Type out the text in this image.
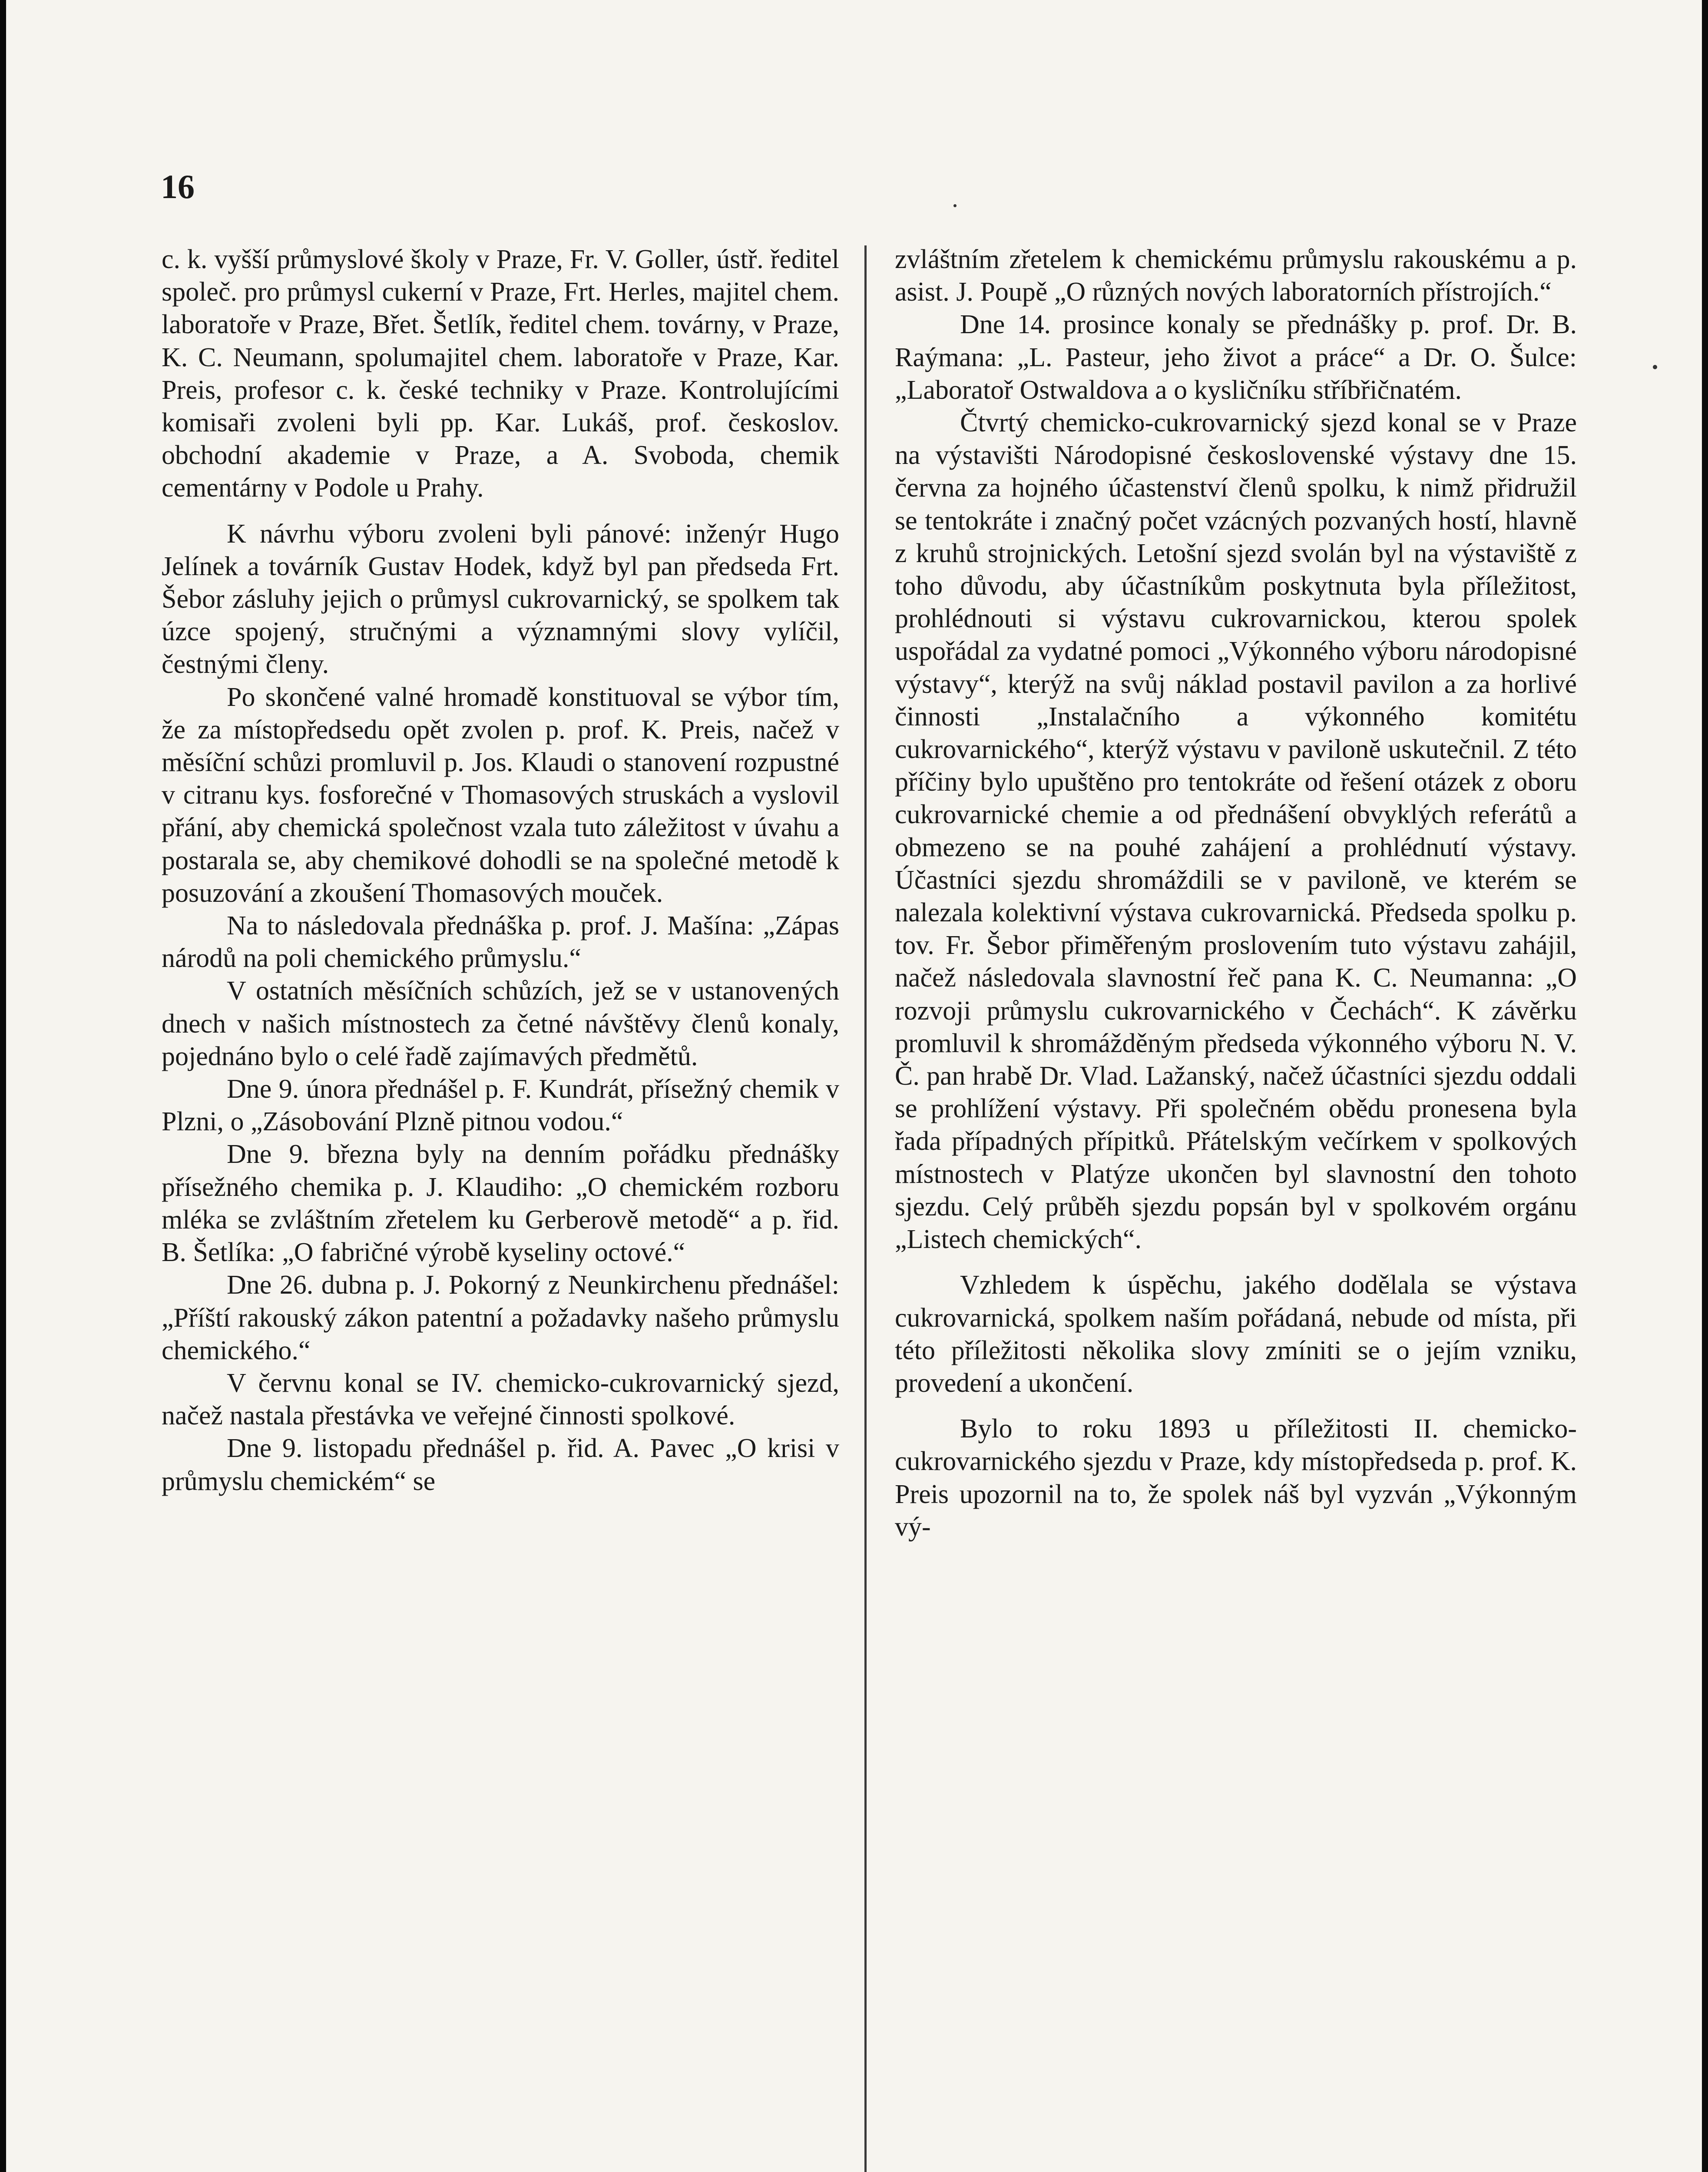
16

c. k. vyšší průmyslové školy v Praze, Fr. V. Goller, ústř. ředitel společ. pro průmysl cukerní v Praze, Frt. Herles, majitel chem. laboratoře v Praze, Břet. Šetlík, ředitel chem. továrny, v Praze, K. C. Neumann, spolumajitel chem. laboratoře v Praze, Kar. Preis, profesor c. k. české techniky v Praze. Kontrolujícími komisaři zvoleni byli pp. Kar. Lukáš, prof. českoslov. obchodní akademie v Praze, a A. Svoboda, chemik cementárny v Podole u Prahy.

K návrhu výboru zvoleni byli pánové: inženýr Hugo Jelínek a továrník Gustav Hodek, když byl pan předseda Frt. Šebor zásluhy jejich o průmysl cukrovarnický, se spolkem tak úzce spojený, stručnými a významnými slovy vylíčil, čestnými členy.

Po skončené valné hromadě konstituoval se výbor tím, že za místopředsedu opět zvolen p. prof. K. Preis, načež v měsíční schůzi promluvil p. Jos. Klaudi o stanovení rozpustné v citranu kys. fosforečné v Thomasových struskách a vyslovil přání, aby chemická společnost vzala tuto záležitost v úvahu a postarala se, aby chemikové dohodli se na společné metodě k posuzování a zkoušení Thomasových mouček.

Na to následovala přednáška p. prof. J. Mašína: „Zápas národů na poli chemického průmyslu.“

V ostatních měsíčních schůzích, jež se v ustanovených dnech v našich místnostech za četné návštěvy členů konaly, pojednáno bylo o celé řadě zajímavých předmětů.

Dne 9. února přednášel p. F. Kundrát, přísežný chemik v Plzni, o „Zásobování Plzně pitnou vodou.“

Dne 9. března byly na denním pořádku přednášky přísežného chemika p. J. Klaudiho: „O chemickém rozboru mléka se zvláštním zřetelem ku Gerberově metodě“ a p. řid. B. Šetlíka: „O fabričné výrobě kyseliny octové.“

Dne 26. dubna p. J. Pokorný z Neunkirchenu přednášel: „Příští rakouský zákon patentní a požadavky našeho průmyslu chemického.“

V červnu konal se IV. chemicko-cukrovarnický sjezd, načež nastala přestávka ve veřejné činnosti spolkové.

Dne 9. listopadu přednášel p. řid. A. Pavec „O krisi v průmyslu chemickém“ se

zvláštním zřetelem k chemickému průmyslu rakouskému a p. asist. J. Poupě „O různých nových laboratorních přístrojích.“

Dne 14. prosince konaly se přednášky p. prof. Dr. B. Raýmana: „L. Pasteur, jeho život a práce“ a Dr. O. Šulce: „Laboratoř Ostwaldova a o kysličníku stříbřičnatém.

Čtvrtý chemicko-cukrovarnický sjezd konal se v Praze na výstavišti Národopisné československé výstavy dne 15. června za hojného účastenství členů spolku, k nimž přidružil se tentokráte i značný počet vzácných pozvaných hostí, hlavně z kruhů strojnických. Letošní sjezd svolán byl na výstaviště z toho důvodu, aby účastníkům poskytnuta byla příležitost, prohlédnouti si výstavu cukrovarnickou, kterou spolek uspořádal za vydatné pomoci „Výkonného výboru národopisné výstavy“, kterýž na svůj náklad postavil pavilon a za horlivé činnosti „Instalačního a výkonného komitétu cukrovarnického“, kterýž výstavu v pavilonĕ uskutečnil. Z této příčiny bylo upuštěno pro tentokráte od řešení otázek z oboru cukrovarnické chemie a od přednášení obvyklých referátů a obmezeno se na pouhé zahájení a prohlédnutí výstavy. Účastníci sjezdu shromáždili se v pavilonĕ, ve kterém se nalezala kolektivní výstava cukrovarnická. Předseda spolku p. tov. Fr. Šebor přiměřeným proslovením tuto výstavu zahájil, načež následovala slavnostní řeč pana K. C. Neumanna: „O rozvoji průmyslu cukrovarnického v Čechách“. K závěrku promluvil k shromážděným předseda výkonného výboru N. V. Č. pan hrabě Dr. Vlad. Lažanský, načež účastníci sjezdu oddali se prohlížení výstavy. Při společném obědu pronesena byla řada případných přípitků. Přátelským večírkem v spolkových místnostech v Platýze ukončen byl slavnostní den tohoto sjezdu. Celý průběh sjezdu popsán byl v spolkovém orgánu „Listech chemických“.

Vzhledem k úspěchu, jakého dodělala se výstava cukrovarnická, spolkem naším pořádaná, nebude od místa, při této příležitosti několika slovy zmíniti se o jejím vzniku, provedení a ukončení.

Bylo to roku 1893 u příležitosti II. chemicko-cukrovarnického sjezdu v Praze, kdy místopředseda p. prof. K. Preis upozornil na to, že spolek náš byl vyzván „Výkonným vý-
